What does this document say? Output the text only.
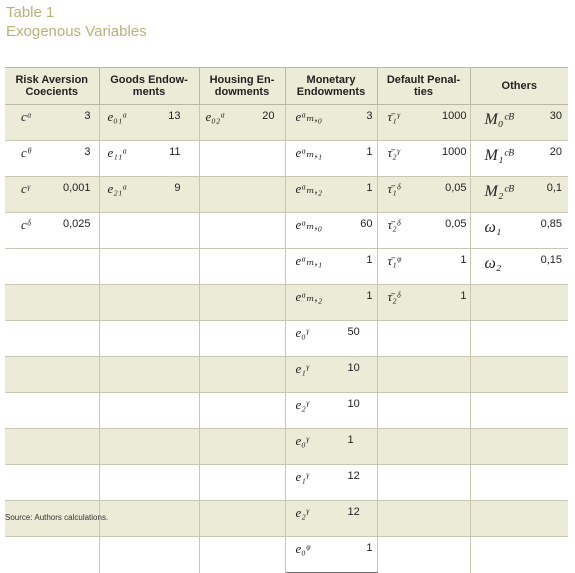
Table 1
Exogenous Variables
Risk Aversion Coecients	Goods Endow-ments	Housing En-dowments	Monetary Endowments	Default Penal-ties	Others

cᵅ 3	e₀₁ᵅ 13	e₀₂ᵅ 20	eᵅₘ,₀ 3	τ̄₁ᵞ 1000	M₀ᶜᴮ 30

cᶿ 3	e₁₁ᵅ 11		eᵅₘ,₁ 1	τ̄₂ᵞ 1000	M₁ᶜᴮ 20

cᵞ 0,001	e₂₁ᵅ 9		eᵅₘ,₂ 1	τ̄₁ᵟ 0,05	M₂ᶜᴮ 0,1

cᵟ 0,025			eᵅₘ,₀ 60	τ̄₂ᵟ 0,05	ω₁ 0,85

			eᵅₘ,₁ 1	τ̄₁ᵠ 1	ω₂ 0,15

			eᵅₘ,₂ 1	τ̄₂ᵟ 1	

			e₀ᵞ 50		

			e₁ᵞ 10		

			e₂ᵞ 10		

			e₀ᵞ 1		

			e₁ᵞ 12		

			e₂ᵞ 12		

			e₀ᵠ 1		

Source: Authors calculations.
